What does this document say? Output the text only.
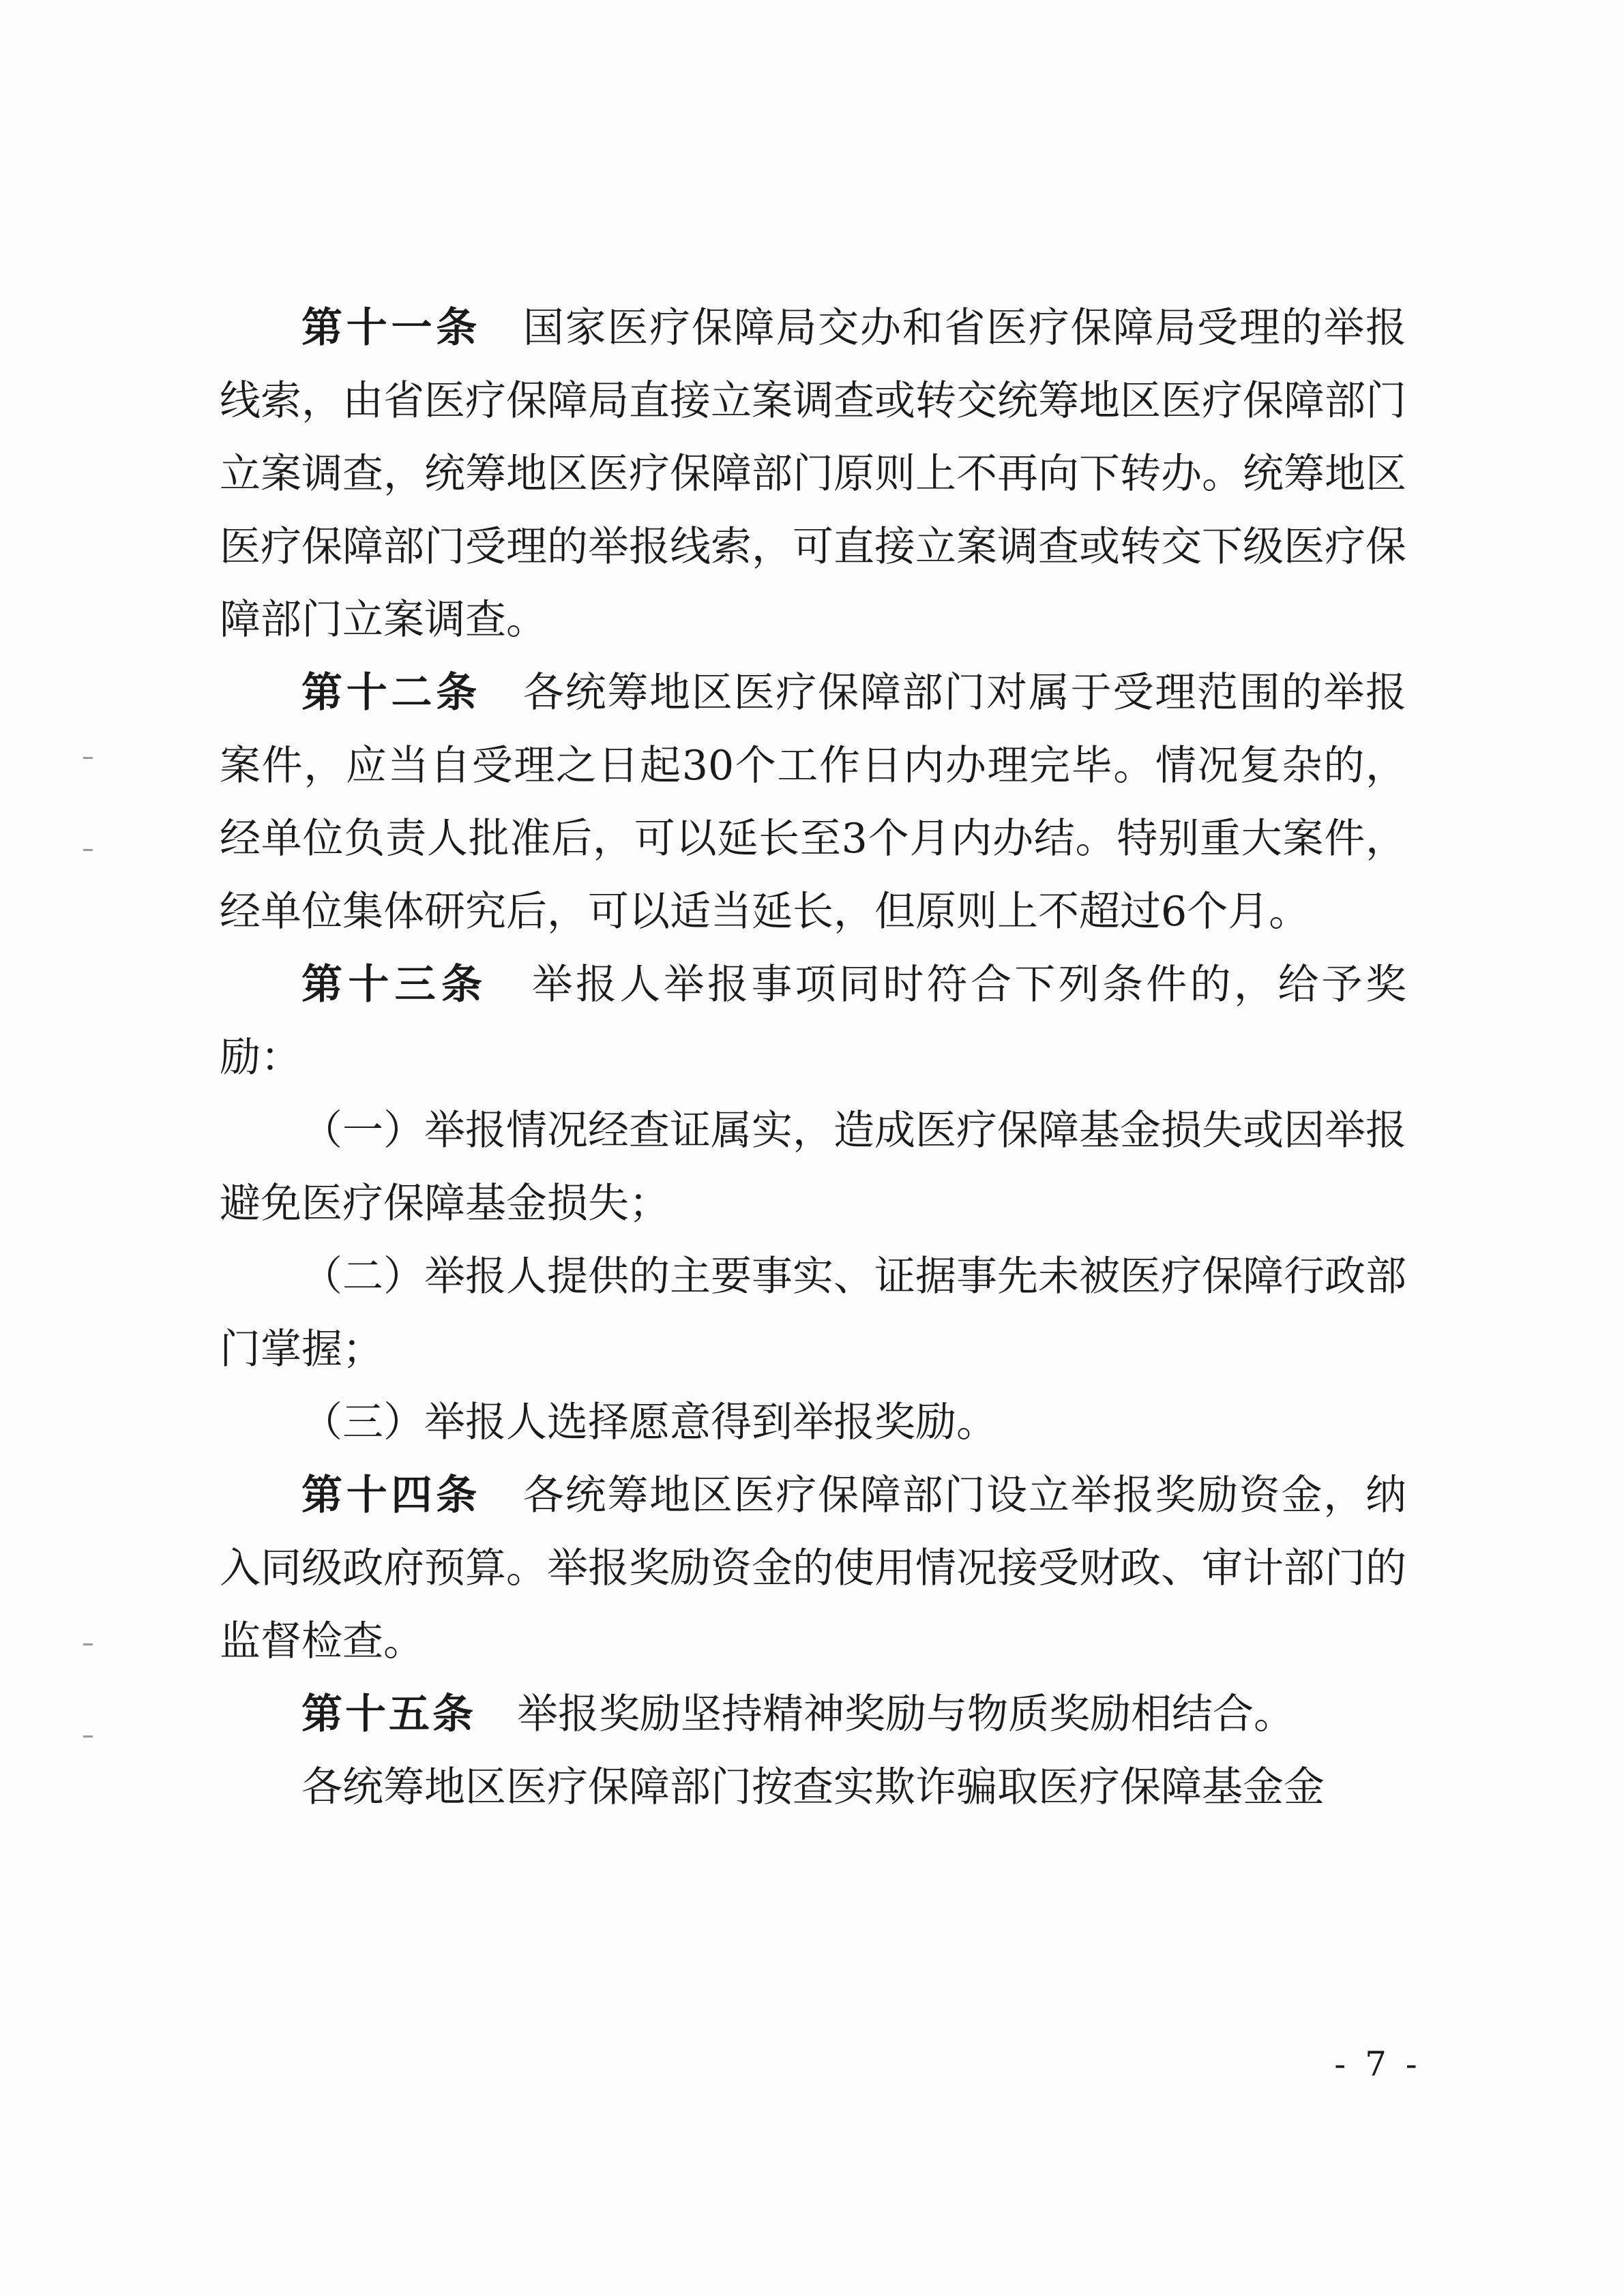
第十一条 国家医疗保障局交办和省医疗保障局受理的举报线索，由省医疗保障局直接立案调查或转交统筹地区医疗保障部门立案调查，统筹地区医疗保障部门原则上不再向下转办。统筹地区医疗保障部门受理的举报线索，可直接立案调查或转交下级医疗保障部门立案调查。

第十二条 各统筹地区医疗保障部门对属于受理范围的举报案件，应当自受理之日起30个工作日内办理完毕。情况复杂的，经单位负责人批准后，可以延长至3个月内办结。特别重大案件，经单位集体研究后，可以适当延长，但原则上不超过6个月。

第十三条 举报人举报事项同时符合下列条件的，给予奖励：

（一）举报情况经查证属实，造成医疗保障基金损失或因举报避免医疗保障基金损失；

（二）举报人提供的主要事实、证据事先未被医疗保障行政部门掌握；

（三）举报人选择愿意得到举报奖励。

第十四条 各统筹地区医疗保障部门设立举报奖励资金，纳入同级政府预算。举报奖励资金的使用情况接受财政、审计部门的监督检查。

第十五条 举报奖励坚持精神奖励与物质奖励相结合。

各统筹地区医疗保障部门按查实欺诈骗取医疗保障基金金

- 7 -
